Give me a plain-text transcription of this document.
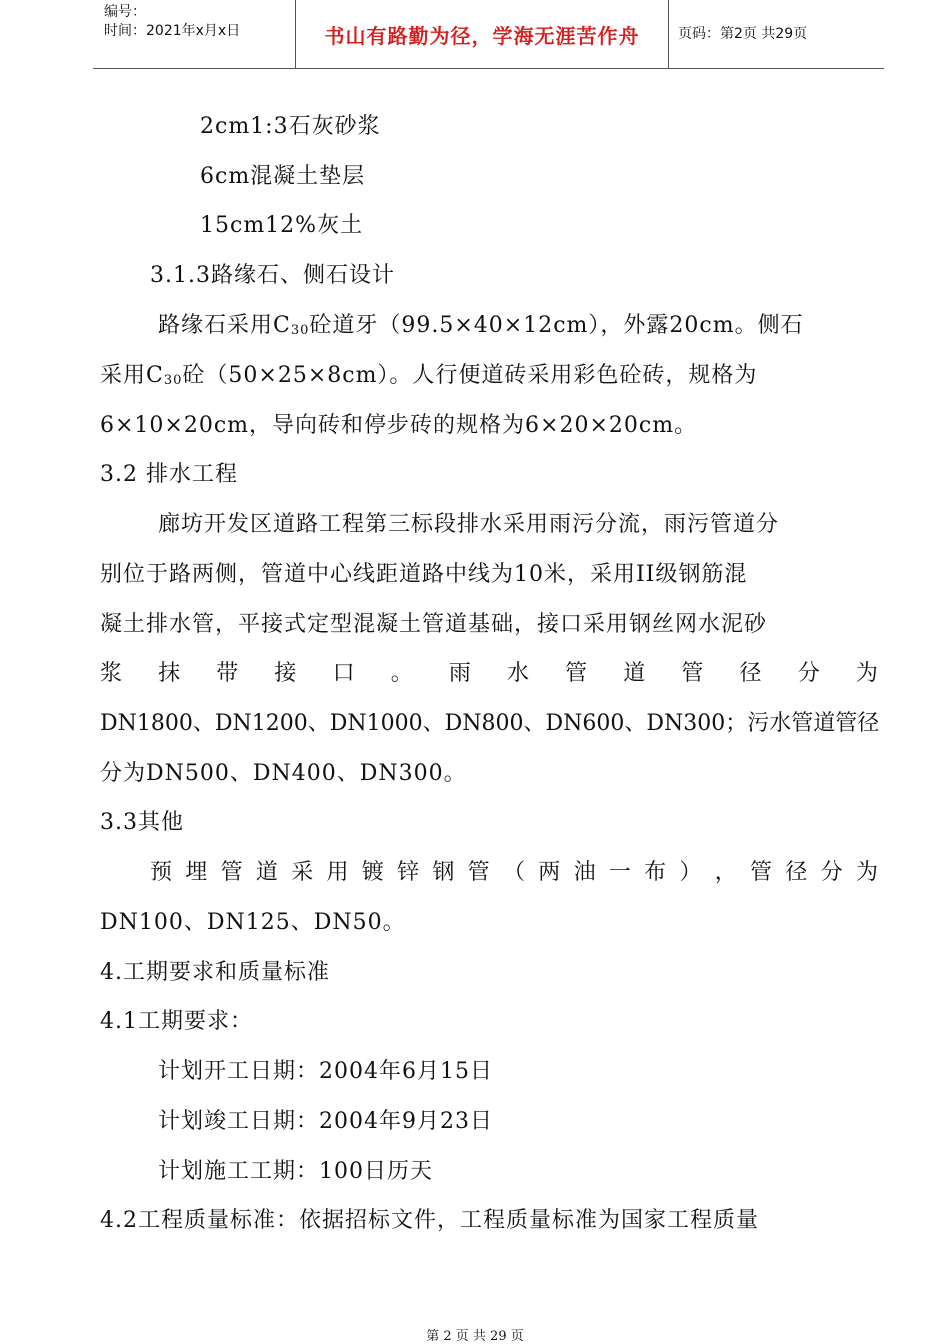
编号：
时间：2021年x月x日	书山有路勤为径，学海无涯苦作舟	页码：第2页 共29页
2cm1:3石灰砂浆
6cm混凝土垫层
15cm12%灰土
3.1.3路缘石、侧石设计
路缘石采用$C_{30}$砼道牙（99.5×40×12cm），外露20cm。侧石
采用$C_{30}$砼（50×25×8cm）。人行便道砖采用彩色砼砖，规格为
6×10×20cm，导向砖和停步砖的规格为6×20×20cm。
3.2 排水工程
廊坊开发区道路工程第三标段排水采用雨污分流，雨污管道分
别位于路两侧，管道中心线距道路中线为10米，采用II级钢筋混
凝土排水管，平接式定型混凝土管道基础，接口采用钢丝网水泥砂
浆 抹 带 接 口 。 雨 水 管 道 管 径 分 为
DN1800、DN1200、DN1000、DN800、DN600、DN300；污水管道管径
分为DN500、DN400、DN300。
3.3其他
预 埋 管 道 采 用 镀 锌 钢 管 （ 两 油 一 布 ） ， 管 径 分 为
DN100、DN125、DN50。
4.工期要求和质量标准
4.1工期要求：
计划开工日期：2004年6月15日
计划竣工日期：2004年9月23日
计划施工工期：100日历天
4.2工程质量标准：依据招标文件，工程质量标准为国家工程质量
第 2 页 共 29 页
